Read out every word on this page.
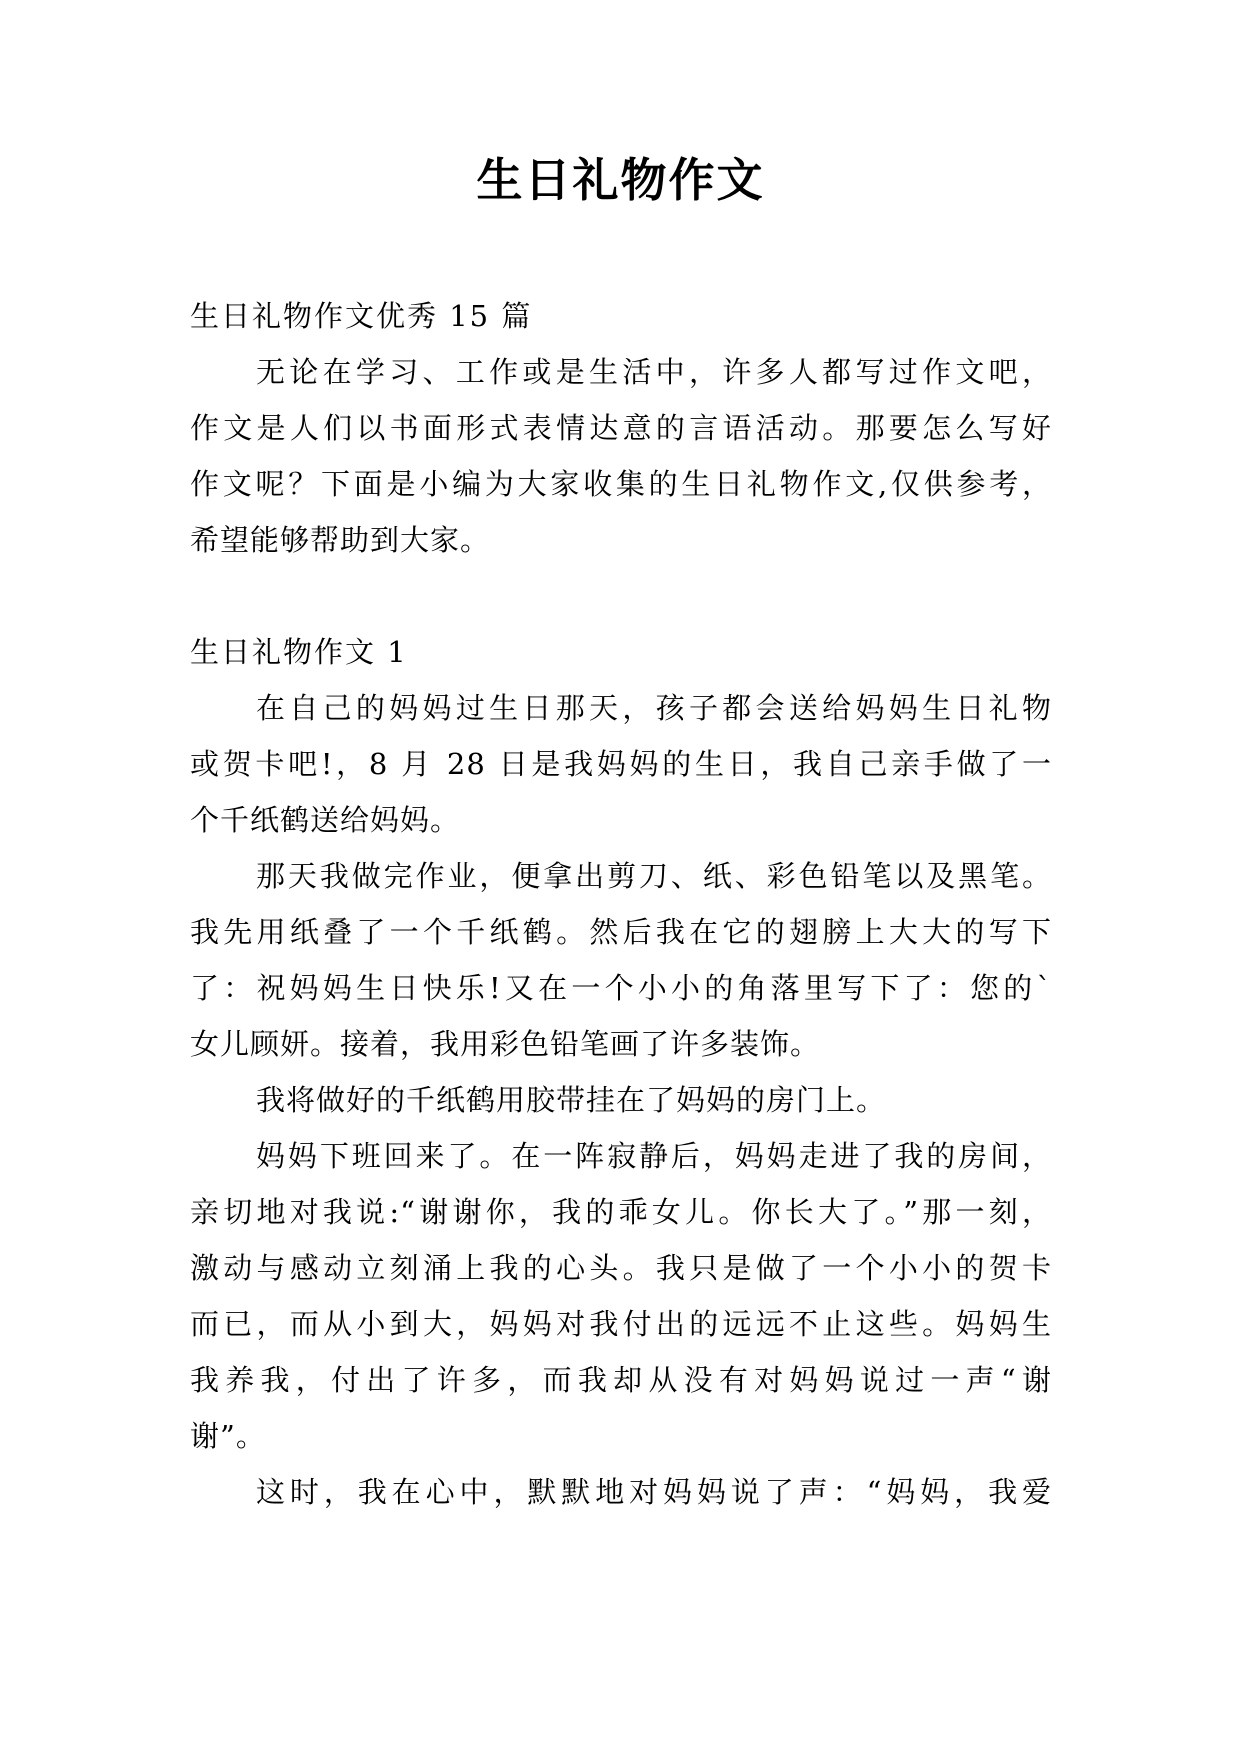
生日礼物作文
生日礼物作文优秀 15 篇
无论在学习、工作或是生活中，许多人都写过作文吧，
作文是人们以书面形式表情达意的言语活动。那要怎么写好
作文呢？下面是小编为大家收集的生日礼物作文,仅供参考，
希望能够帮助到大家。
生日礼物作文 1
在自己的妈妈过生日那天，孩子都会送给妈妈生日礼物
或贺卡吧!，8 月 28 日是我妈妈的生日，我自己亲手做了一
个千纸鹤送给妈妈。
那天我做完作业，便拿出剪刀、纸、彩色铅笔以及黑笔。
我先用纸叠了一个千纸鹤。然后我在它的翅膀上大大的写下
了：祝妈妈生日快乐!又在一个小小的角落里写下了：您的`
女儿顾妍。接着，我用彩色铅笔画了许多装饰。
我将做好的千纸鹤用胶带挂在了妈妈的房门上。
妈妈下班回来了。在一阵寂静后，妈妈走进了我的房间，
亲切地对我说:“谢谢你，我的乖女儿。你长大了。”那一刻，
激动与感动立刻涌上我的心头。我只是做了一个小小的贺卡
而已，而从小到大，妈妈对我付出的远远不止这些。妈妈生
我养我，付出了许多，而我却从没有对妈妈说过一声“谢
谢”。
这时，我在心中，默默地对妈妈说了声：“妈妈，我爱
